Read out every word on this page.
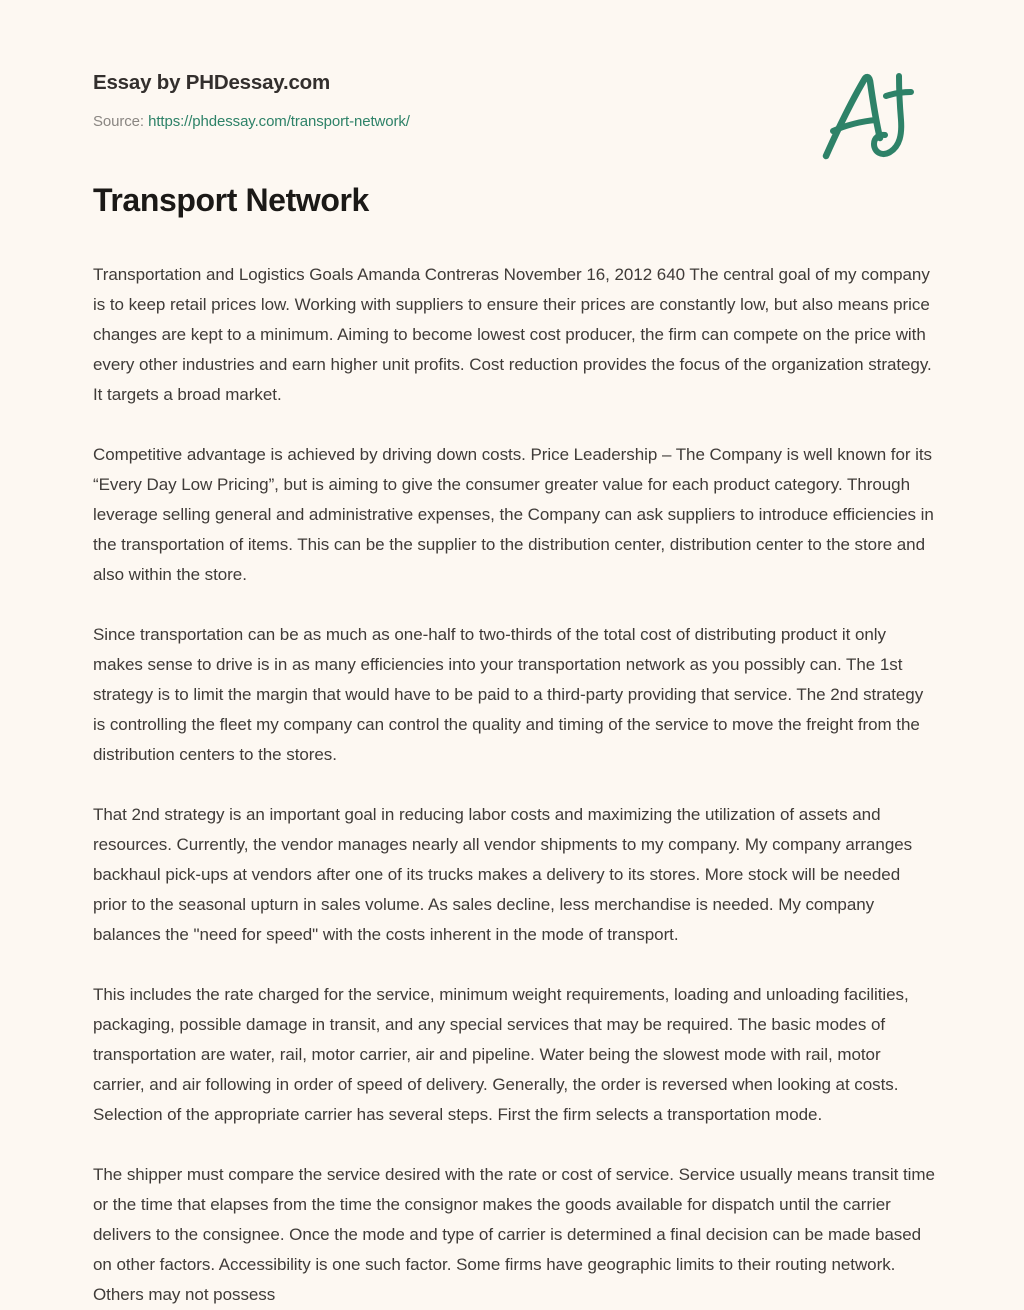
Essay by PHDessay.com
Source: https://phdessay.com/transport-network/
Transport Network

Transportation and Logistics Goals Amanda Contreras November 16, 2012 640 The central goal of my company is to keep retail prices low. Working with suppliers to ensure their prices are constantly low, but also means price changes are kept to a minimum. Aiming to become lowest cost producer, the firm can compete on the price with every other industries and earn higher unit profits. Cost reduction provides the focus of the organization strategy. It targets a broad market.

Competitive advantage is achieved by driving down costs. Price Leadership – The Company is well known for its “Every Day Low Pricing”, but is aiming to give the consumer greater value for each product category. Through leverage selling general and administrative expenses, the Company can ask suppliers to introduce efficiencies in the transportation of items. This can be the supplier to the distribution center, distribution center to the store and also within the store.

Since transportation can be as much as one-half to two-thirds of the total cost of distributing product it only makes sense to drive is in as many efficiencies into your transportation network as you possibly can. The 1st strategy is to limit the margin that would have to be paid to a third-party providing that service. The 2nd strategy is controlling the fleet my company can control the quality and timing of the service to move the freight from the distribution centers to the stores.

That 2nd strategy is an important goal in reducing labor costs and maximizing the utilization of assets and resources. Currently, the vendor manages nearly all vendor shipments to my company. My company arranges backhaul pick-ups at vendors after one of its trucks makes a delivery to its stores. More stock will be needed prior to the seasonal upturn in sales volume. As sales decline, less merchandise is needed. My company balances the "need for speed" with the costs inherent in the mode of transport.

This includes the rate charged for the service, minimum weight requirements, loading and unloading facilities, packaging, possible damage in transit, and any special services that may be required. The basic modes of transportation are water, rail, motor carrier, air and pipeline. Water being the slowest mode with rail, motor carrier, and air following in order of speed of delivery. Generally, the order is reversed when looking at costs. Selection of the appropriate carrier has several steps. First the firm selects a transportation mode.

The shipper must compare the service desired with the rate or cost of service. Service usually means transit time or the time that elapses from the time the consignor makes the goods available for dispatch until the carrier delivers to the consignee. Once the mode and type of carrier is determined a final decision can be made based on other factors. Accessibility is one such factor. Some firms have geographic limits to their routing network. Others may not possess
